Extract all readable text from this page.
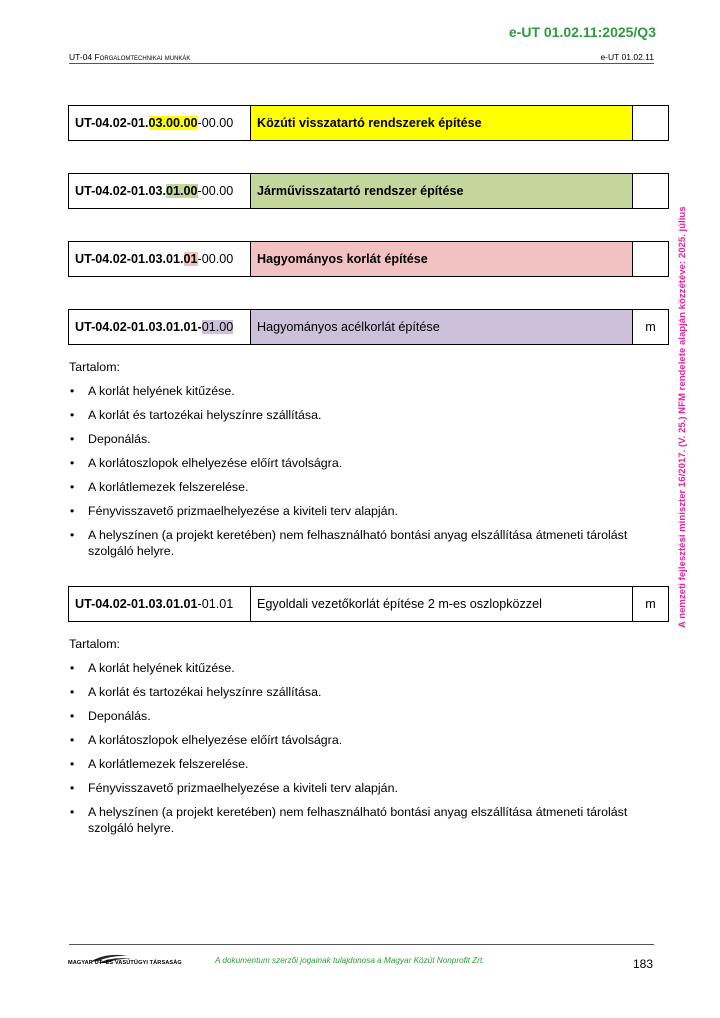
e-UT 01.02.11:2025/Q3
UT-04 Forgalomtechnikai munkák	e-UT 01.02.11
A nemzeti fejlesztési miniszter 16/2017. (V. 25.) NFM rendelete alapján közzétéve: 2025. július
UT-04.02-01.03.00.00-00.00	Közúti visszatartó rendszerek építése	
UT-04.02-01.03.01.00-00.00	Járművisszatartó rendszer építése	
UT-04.02-01.03.01.01-00.00	Hagyományos korlát építése	
UT-04.02-01.03.01.01-01.00	Hagyományos acélkorlát építése	m
Tartalom:
• A korlát helyének kitűzése.
• A korlát és tartozékai helyszínre szállítása.
• Deponálás.
• A korlátoszlopok elhelyezése előírt távolságra.
• A korlátlemezek felszerelése.
• Fényvisszavető prizmaelhelyezése a kiviteli terv alapján.
• A helyszínen (a projekt keretében) nem felhasználható bontási anyag elszállítása átmeneti tárolást szolgáló helyre.
UT-04.02-01.03.01.01-01.01	Egyoldali vezetőkorlát építése 2 m-es oszlopközzel	m
Tartalom:
• A korlát helyének kitűzése.
• A korlát és tartozékai helyszínre szállítása.
• Deponálás.
• A korlátoszlopok elhelyezése előírt távolságra.
• A korlátlemezek felszerelése.
• Fényvisszavető prizmaelhelyezése a kiviteli terv alapján.
• A helyszínen (a projekt keretében) nem felhasználható bontási anyag elszállítása átmeneti tárolást szolgáló helyre.
MAGYAR ÚT- ÉS VASÚTÜGYI TÁRSASÁG	A dokumentum szerzői jogainak tulajdonosa a Magyar Közút Nonprofit Zrt.	183
